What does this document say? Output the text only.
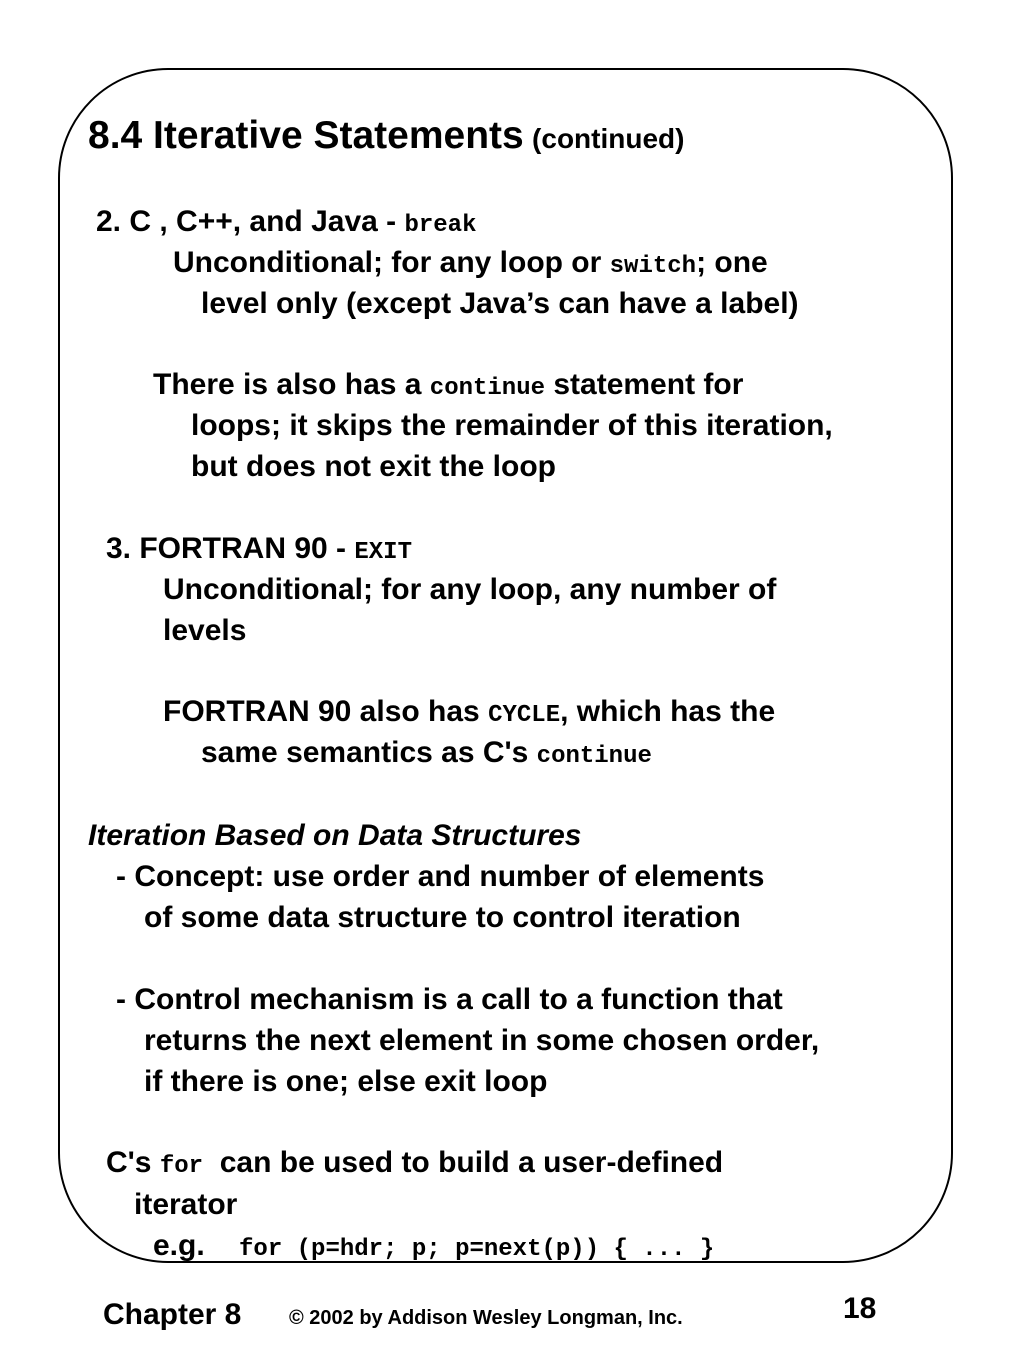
8.4 Iterative Statements (continued)
2. C , C++, and Java - break
Unconditional; for any loop or switch; one
level only (except Java’s can have a label)
There is also has a continue statement for
loops; it skips the remainder of this iteration,
but does not exit the loop
3. FORTRAN 90 - EXIT
Unconditional; for any loop, any number of
levels
FORTRAN 90 also has CYCLE, which has the
same semantics as C's continue
Iteration Based on Data Structures
- Concept: use order and number of elements
of some data structure to control iteration
- Control mechanism is a call to a function that
returns the next element in some chosen order,
if there is one; else exit loop
C's for  can be used to build a user-defined
iterator
e.g. for (p=hdr; p; p=next(p)) { ... }
Chapter 8 © 2002 by Addison Wesley Longman, Inc.	18
